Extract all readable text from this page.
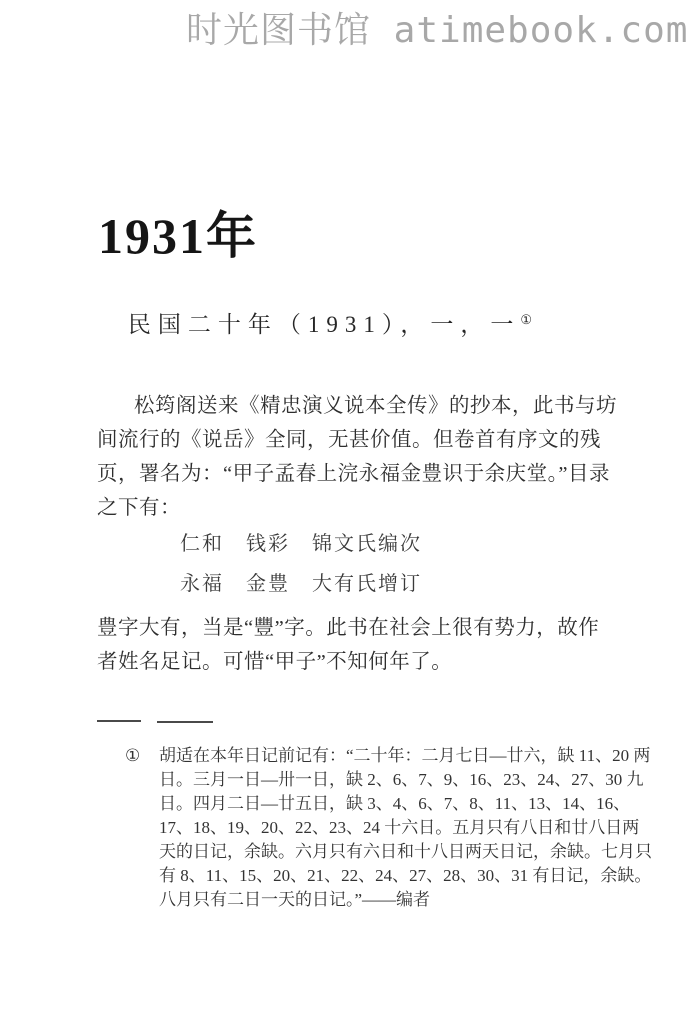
时光图书馆 atimebook.com
1931年
民国二十年（1931），一，一①
松筠阁送来《精忠演义说本全传》的抄本，此书与坊
间流行的《说岳》全同，无甚价值。但卷首有序文的残
页，署名为：“甲子孟春上浣永福金豊识于余庆堂。”目录
之下有：
仁和　钱彩　锦文氏编次
永福　金豊　大有氏增订
豊字大有，当是“豐”字。此书在社会上很有势力，故作
者姓名足记。可惜“甲子”不知何年了。
①	胡适在本年日记前记有：“二十年：二月七日—廿六，缺 11、20 两
日。三月一日—卅一日，缺 2、6、7、9、16、23、24、27、30 九
日。四月二日—廿五日，缺 3、4、6、7、8、11、13、14、16、
17、18、19、20、22、23、24 十六日。五月只有八日和廿八日两
天的日记，余缺。六月只有六日和十八日两天日记，余缺。七月只
有 8、11、15、20、21、22、24、27、28、30、31 有日记，余缺。
八月只有二日一天的日记。”——编者
